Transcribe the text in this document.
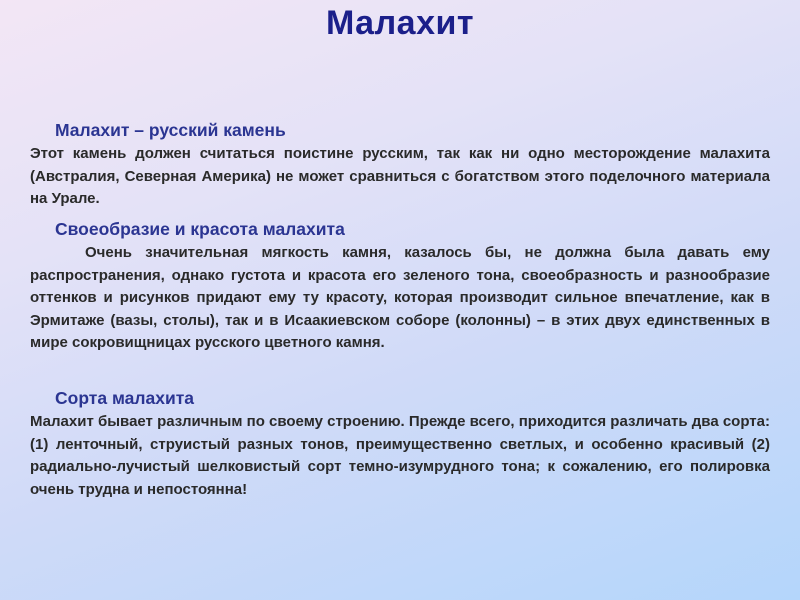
Малахит
Малахит – русский камень

Этот камень должен считаться поистине русским, так как ни одно месторождение малахита (Австралия, Северная Америка) не может сравниться с богатством этого поделочного материала на Урале.

Своеобразие и красота малахита

Очень значительная мягкость камня, казалось бы, не должна была давать ему распространения, однако густота и красота его зеленого тона, своеобразность и разнообразие оттенков и рисунков придают ему ту красоту, которая производит сильное впечатление, как в Эрмитаже (вазы, столы), так и в Исаакиевском соборе (колонны) – в этих двух единственных в мире сокровищницах русского цветного камня.

Сорта малахита

Малахит бывает различным по своему строению. Прежде всего, приходится различать два сорта: (1) ленточный, струистый разных тонов, преимущественно светлых, и особенно красивый (2) радиально-лучистый шелковистый сорт темно-изумрудного тона; к сожалению, его полировка очень трудна и непостоянна!
